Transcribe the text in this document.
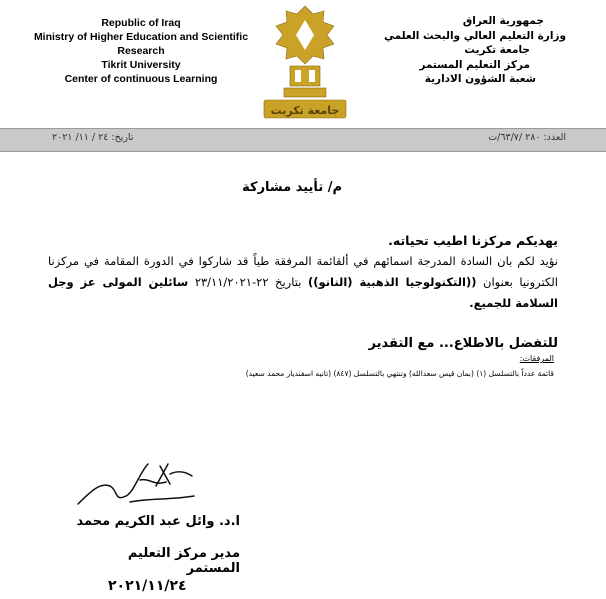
Republic of Iraq
Ministry of Higher Education and Scientific Research
Tikrit University
Center of continuous Learning
جامعة تكريت
جمهورية العراق
وزارة التعليم العالي والبحث العلمي
جامعة تكريت
مركز التعليم المستمر
شعبة الشؤون الادارية
العدد: ٢٨٠ /٦٣/٧/ت
تاريخ: ٢٤ / ١١/ ٢٠٢١
م/ تأييد مشاركة
يهديكم مركزنا اطيب تحياته.
نؤيد لكم بان السادة المدرجة اسمائهم في ألقائمة المرفقة طياً قد شاركوا في الدورة المقامة في مركزنا الكترونيا بعنوان ((التكنولوجيا الذهبية (النانو)) بتاريخ ٢٢-٢٣/١١/٢٠٢١ سائلين المولى عز وجل السلامة للجميع.
للتفضل بالاطلاع... مع التقدير
المرفقات:
قائمة عدداً بالتسلسل (١) (بمان قيس سعدالله) وتنتهي بالتسلسل (٨٤٧) (تانيه اسفنديار محمد سعيد)
ا.د. وائل عبد الكريم محمد
مدير مركز التعليم المستمر
٢٠٢١/١١/٢٤
